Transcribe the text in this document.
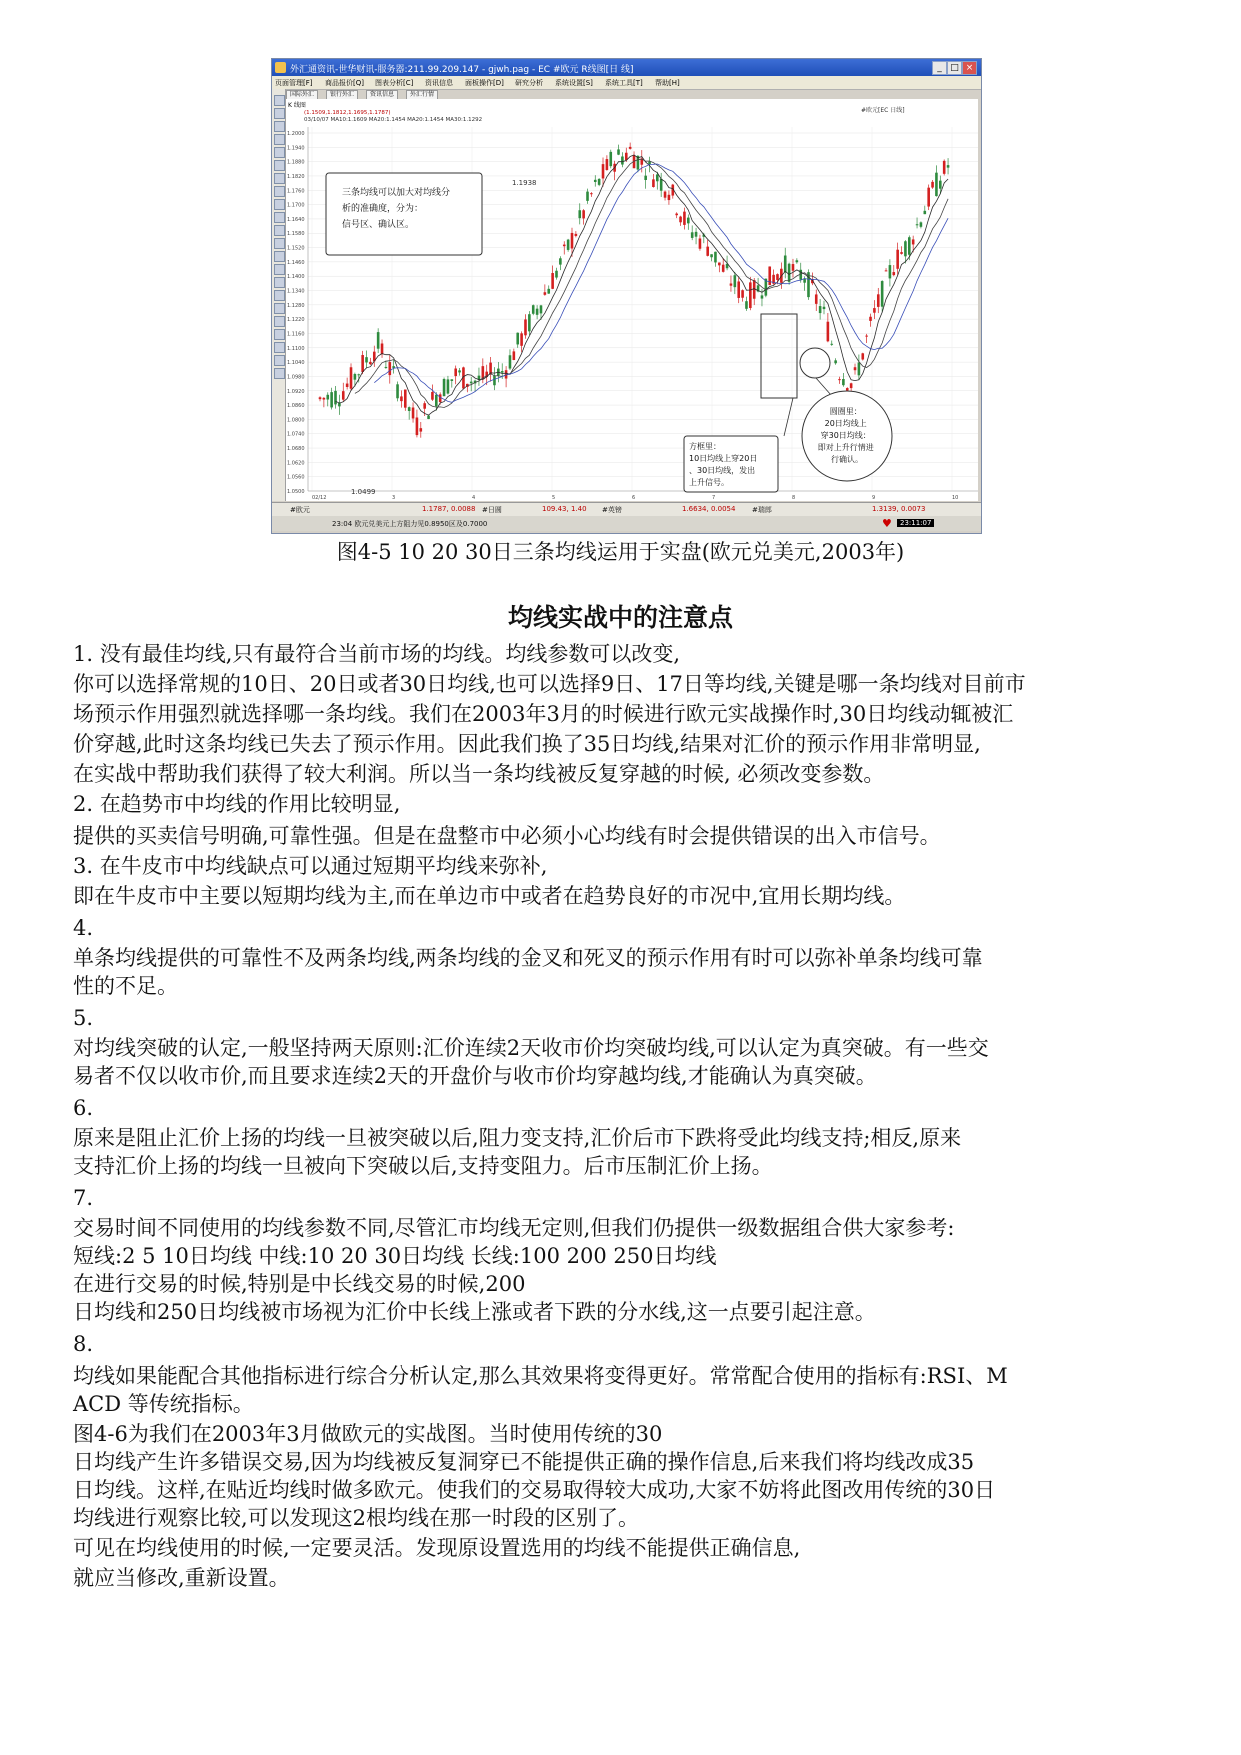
外汇通资讯-世华财讯-服务器:211.99.209.147 - gjwh.pag - EC #欧元 R线图[日 线]	_ □ ×
页面管理[F] 商品报价[Q] 图表分析[C] 资讯信息 面板操作[D] 研究分析 系统设置[S] 系统工具[T] 帮助[H]
国际外汇	银行外汇	资讯信息	外汇行情
K 线图
(1.1509,1.1812,1.1695,1.1787)
03/10/07 MA10:1.1609 MA20:1.1454 MA20:1.1454 MA30:1.1292
#欧元[EC 日线]
1.2000
1.1940
1.1880
1.1820
1.1760
1.1700
1.1640
1.1580
1.1520
1.1460
1.1400
1.1340
1.1280
1.1220
1.1160
1.1100
1.1040
1.0980
1.0920
1.0860
1.0800
1.0740
1.0680
1.0620
1.0560
1.0500
02/12	3	4	5	6	7	8	9	10
三条均线可以加大对均线分 析的准确度，分为： 信号区、确认区。
1.1938
1.0499
方框里： 10日均线上穿20日 、30日均线，发出 上升信号。
圆圈里： 20日均线上 穿30日均线： 即对上升行情进 行确认。
#欧元	1.1787, 0.0088 #日圆	109.43, 1.40 #英镑	1.6634, 0.0054 #瑞郎	1.3139, 0.0073
23:04 欧元兑美元上方阻力见0.8950区及0.7000	♥	23:11:07
图4-5 10 20 30日三条均线运用于实盘(欧元兑美元,2003年)
均线实战中的注意点
1. 没有最佳均线,只有最符合当前市场的均线。均线参数可以改变,
你可以选择常规的10日、20日或者30日均线,也可以选择9日、17日等均线,关键是哪一条均线对目前市
场预示作用强烈就选择哪一条均线。我们在2003年3月的时候进行欧元实战操作时,30日均线动辄被汇
价穿越,此时这条均线已失去了预示作用。因此我们换了35日均线,结果对汇价的预示作用非常明显,
在实战中帮助我们获得了较大利润。所以当一条均线被反复穿越的时候, 必须改变参数。
2. 在趋势市中均线的作用比较明显,
提供的买卖信号明确,可靠性强。但是在盘整市中必须小心均线有时会提供错误的出入市信号。
3. 在牛皮市中均线缺点可以通过短期平均线来弥补,
即在牛皮市中主要以短期均线为主,而在单边市中或者在趋势良好的市况中,宜用长期均线。
4.
单条均线提供的可靠性不及两条均线,两条均线的金叉和死叉的预示作用有时可以弥补单条均线可靠
性的不足。
5.
对均线突破的认定,一般坚持两天原则:汇价连续2天收市价均突破均线,可以认定为真突破。有一些交
易者不仅以收市价,而且要求连续2天的开盘价与收市价均穿越均线,才能确认为真突破。
6.
原来是阻止汇价上扬的均线一旦被突破以后,阻力变支持,汇价后市下跌将受此均线支持;相反,原来
支持汇价上扬的均线一旦被向下突破以后,支持变阻力。后市压制汇价上扬。
7.
交易时间不同使用的均线参数不同,尽管汇市均线无定则,但我们仍提供一级数据组合供大家参考:
短线:2 5 10日均线 中线:10 20 30日均线 长线:100 200 250日均线
在进行交易的时候,特别是中长线交易的时候,200
日均线和250日均线被市场视为汇价中长线上涨或者下跌的分水线,这一点要引起注意。
8.
均线如果能配合其他指标进行综合分析认定,那么其效果将变得更好。常常配合使用的指标有:RSI、M
ACD 等传统指标。
图4-6为我们在2003年3月做欧元的实战图。当时使用传统的30
日均线产生许多错误交易,因为均线被反复洞穿已不能提供正确的操作信息,后来我们将均线改成35
日均线。这样,在贴近均线时做多欧元。使我们的交易取得较大成功,大家不妨将此图改用传统的30日
均线进行观察比较,可以发现这2根均线在那一时段的区别了。
可见在均线使用的时候,一定要灵活。发现原设置选用的均线不能提供正确信息,
就应当修改,重新设置。
